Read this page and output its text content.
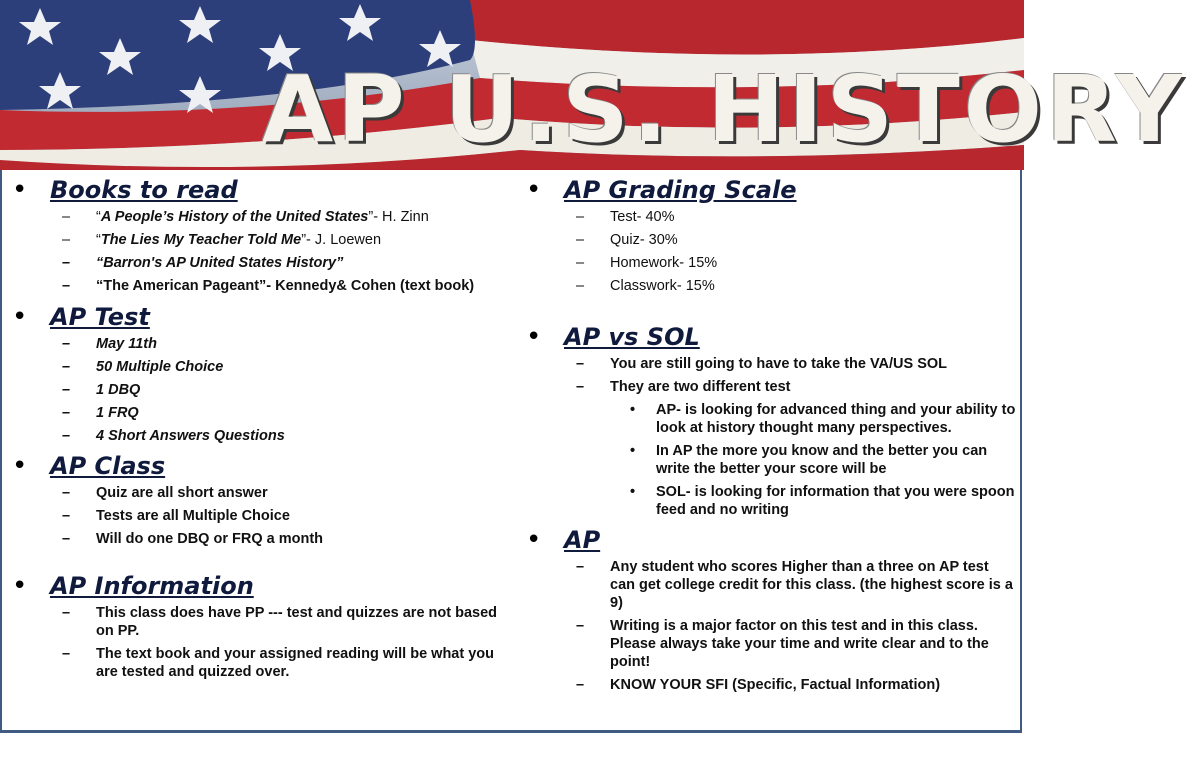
AP U.S. HISTORY
• Books to read
– “A People’s History of the United States”- H. Zinn
– “The Lies My Teacher Told Me”- J. Loewen
– “Barron's AP United States History”
– “The American Pageant”- Kennedy& Cohen (text book)
• AP Test
– May 11th
– 50 Multiple Choice
– 1 DBQ
– 1 FRQ
– 4 Short Answers Questions
• AP Class
– Quiz are all short answer
– Tests are all Multiple Choice
– Will do one DBQ or FRQ a month
• AP Information
– This class does have PP --- test and quizzes are not based on PP.
– The text book and your assigned reading will be what you are tested and quizzed over.
• AP Grading Scale
– Test- 40%
– Quiz- 30%
– Homework- 15%
– Classwork- 15%
• AP vs SOL
– You are still going to have to take the VA/US SOL
– They are two different test
• AP- is looking for advanced thing and your ability to look at history thought many perspectives.
• In AP the more you know and the better you can write the better your score will be
• SOL- is looking for information that you were spoon feed and no writing
• AP
– Any student who scores Higher than a three on AP test can get college credit for this class. (the highest score is a 9)
– Writing is a major factor on this test and in this class. Please always take your time and write clear and to the point!
– KNOW YOUR SFI (Specific, Factual Information)
